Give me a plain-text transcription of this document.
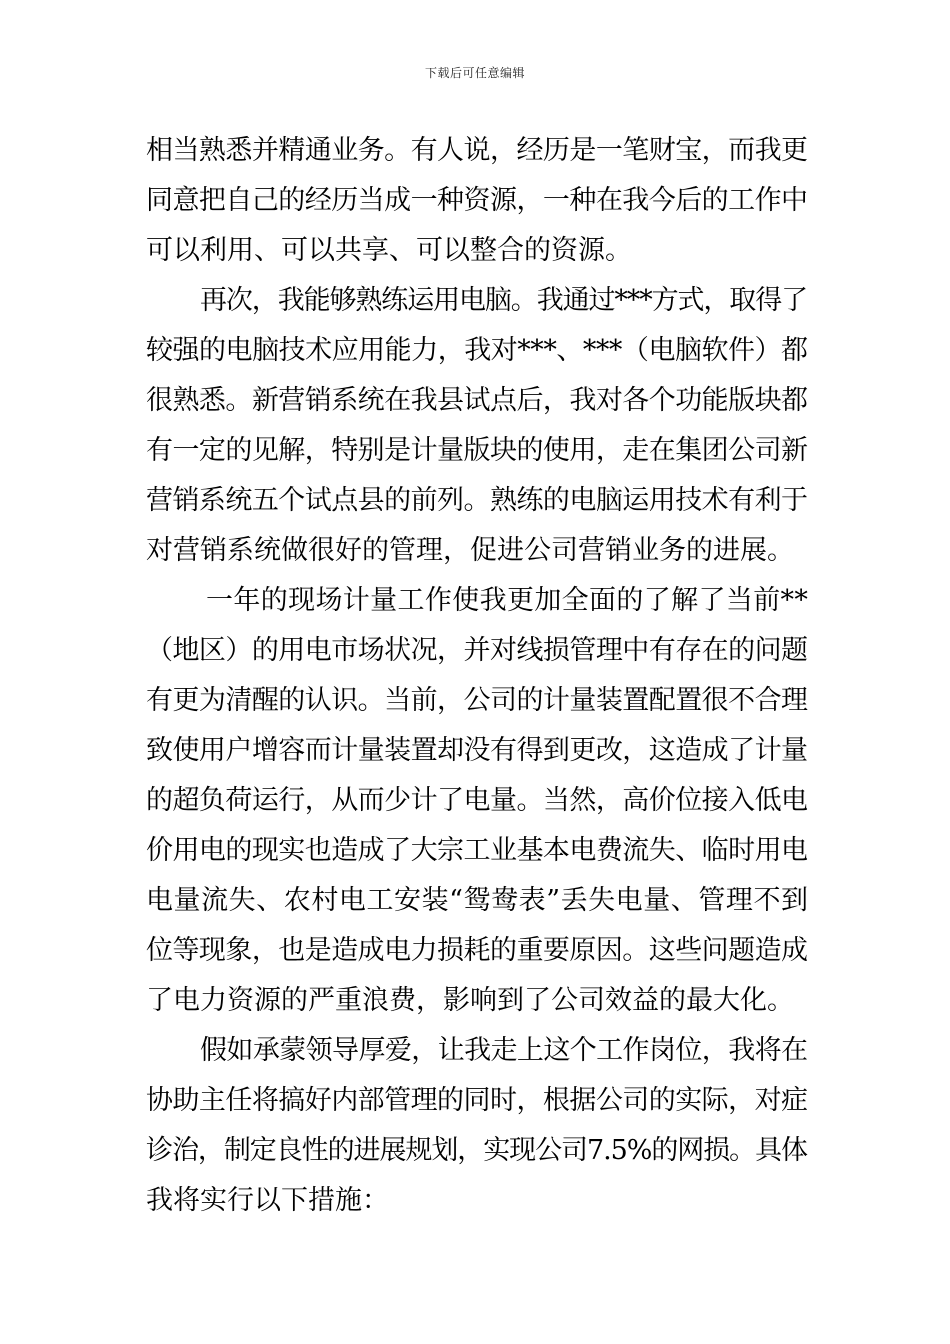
下载后可任意编辑
相当熟悉并精通业务。有人说，经历是一笔财宝，而我更
同意把自己的经历当成一种资源，一种在我今后的工作中
可以利用、可以共享、可以整合的资源。
再次，我能够熟练运用电脑。我通过***方式，取得了
较强的电脑技术应用能力，我对***、***（电脑软件）都
很熟悉。新营销系统在我县试点后，我对各个功能版块都
有一定的见解，特别是计量版块的使用，走在集团公司新
营销系统五个试点县的前列。熟练的电脑运用技术有利于
对营销系统做很好的管理，促进公司营销业务的进展。
一年的现场计量工作使我更加全面的了解了当前**
（地区）的用电市场状况，并对线损管理中有存在的问题
有更为清醒的认识。当前，公司的计量装置配置很不合理
致使用户增容而计量装置却没有得到更改，这造成了计量
的超负荷运行，从而少计了电量。当然，高价位接入低电
价用电的现实也造成了大宗工业基本电费流失、临时用电
电量流失、农村电工安装“鸳鸯表”丢失电量、管理不到
位等现象，也是造成电力损耗的重要原因。这些问题造成
了电力资源的严重浪费，影响到了公司效益的最大化。
假如承蒙领导厚爱，让我走上这个工作岗位，我将在
协助主任将搞好内部管理的同时，根据公司的实际，对症
诊治，制定良性的进展规划，实现公司7.5%的网损。具体
我将实行以下措施：
